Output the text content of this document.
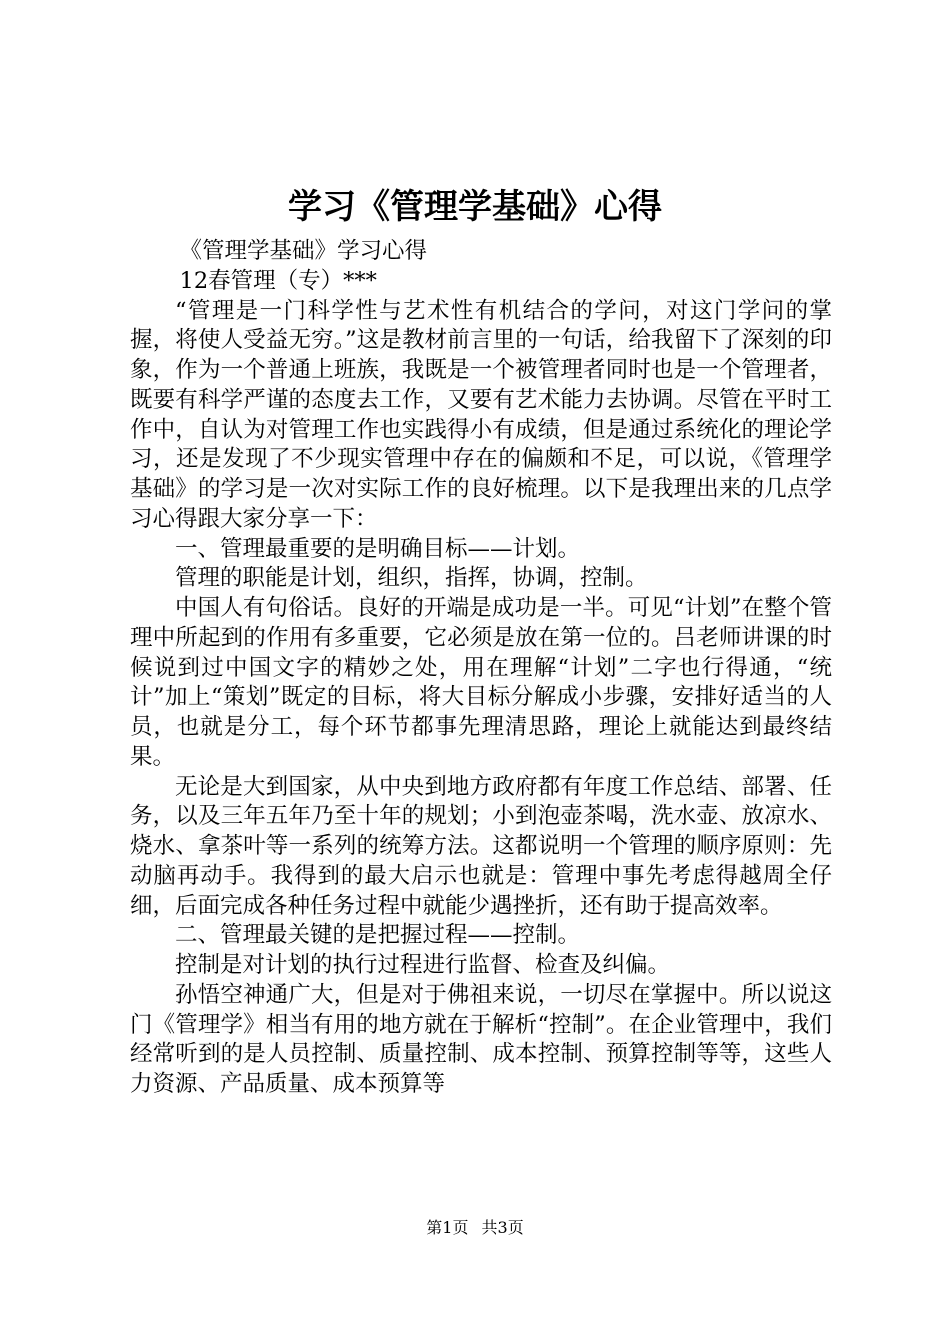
学习《管理学基础》心得

《管理学基础》学习心得

12春管理（专）***

“管理是一门科学性与艺术性有机结合的学问，对这门学问的掌握，将使人受益无穷。”这是教材前言里的一句话，给我留下了深刻的印象，作为一个普通上班族，我既是一个被管理者同时也是一个管理者，既要有科学严谨的态度去工作，又要有艺术能力去协调。尽管在平时工作中，自认为对管理工作也实践得小有成绩，但是通过系统化的理论学习，还是发现了不少现实管理中存在的偏颇和不足，可以说，《管理学基础》的学习是一次对实际工作的良好梳理。以下是我理出来的几点学习心得跟大家分享一下：

一、管理最重要的是明确目标——计划。

管理的职能是计划，组织，指挥，协调，控制。

中国人有句俗话。良好的开端是成功是一半。可见“计划”在整个管理中所起到的作用有多重要，它必须是放在第一位的。吕老师讲课的时候说到过中国文字的精妙之处，用在理解“计划”二字也行得通，“统计”加上“策划”既定的目标，将大目标分解成小步骤，安排好适当的人员，也就是分工，每个环节都事先理清思路，理论上就能达到最终结果。

无论是大到国家，从中央到地方政府都有年度工作总结、部署、任务，以及三年五年乃至十年的规划；小到泡壶茶喝，洗水壶、放凉水、烧水、拿茶叶等一系列的统筹方法。这都说明一个管理的顺序原则：先动脑再动手。我得到的最大启示也就是：管理中事先考虑得越周全仔细，后面完成各种任务过程中就能少遇挫折，还有助于提高效率。

二、管理最关键的是把握过程——控制。

控制是对计划的执行过程进行监督、检查及纠偏。

孙悟空神通广大，但是对于佛祖来说，一切尽在掌握中。所以说这门《管理学》相当有用的地方就在于解析“控制”。在企业管理中，我们经常听到的是人员控制、质量控制、成本控制、预算控制等等，这些人力资源、产品质量、成本预算等

第1页 共3页
